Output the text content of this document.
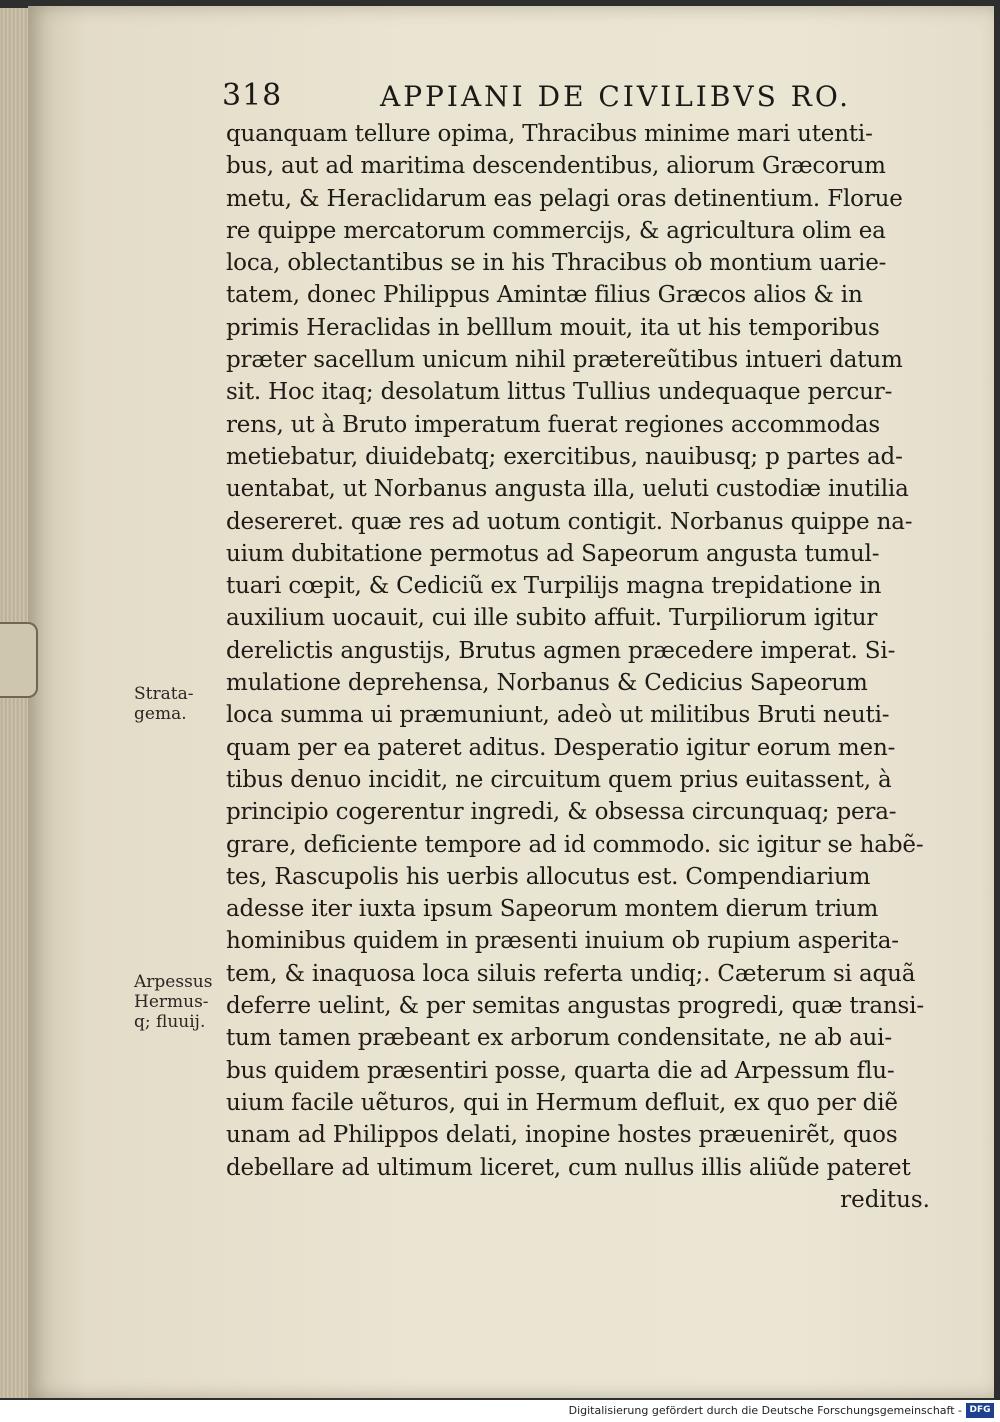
318	APPIANI DE CIVILIBVS RO.
Strata-
gema.
Arpessus
Hermus-
q; fluuij.
quanquam tellure opima, Thracibus minime mari utenti-
bus, aut ad maritima descendentibus, aliorum Græcorum
metu, & Heraclidarum eas pelagi oras detinentium. Florue
re quippe mercatorum commercijs, & agricultura olim ea
loca, oblectantibus se in his Thracibus ob montium uarie-
tatem, donec Philippus Amintæ filius Græcos alios & in
primis Heraclidas in belllum mouit, ita ut his temporibus
præter sacellum unicum nihil prætereũtibus intueri datum
sit. Hoc itaq; desolatum littus Tullius undequaque percur-
rens, ut à Bruto imperatum fuerat regiones accommodas
metiebatur, diuidebatq; exercitibus, nauibusq; p partes ad-
uentabat, ut Norbanus angusta illa, ueluti custodiæ inutilia
desereret. quæ res ad uotum contigit. Norbanus quippe na-
uium dubitatione permotus ad Sapeorum angusta tumul-
tuari cœpit, & Cediciũ ex Turpilijs magna trepidatione in
auxilium uocauit, cui ille subito affuit. Turpiliorum igitur
derelictis angustijs, Brutus agmen præcedere imperat. Si-
mulatione deprehensa, Norbanus & Cedicius Sapeorum
loca summa ui præmuniunt, adeò ut militibus Bruti neuti-
quam per ea pateret aditus. Desperatio igitur eorum men-
tibus denuo incidit, ne circuitum quem prius euitassent, à
principio cogerentur ingredi, & obsessa circunquaq; pera-
grare, deficiente tempore ad id commodo. sic igitur se habẽ-
tes, Rascupolis his uerbis allocutus est. Compendiarium
adesse iter iuxta ipsum Sapeorum montem dierum trium
hominibus quidem in præsenti inuium ob rupium asperita-
tem, & inaquosa loca siluis referta undiq;. Cæterum si aquã
deferre uelint, & per semitas angustas progredi, quæ transi-
tum tamen præbeant ex arborum condensitate, ne ab aui-
bus quidem præsentiri posse, quarta die ad Arpessum flu-
uium facile uẽturos, qui in Hermum defluit, ex quo per diẽ
unam ad Philippos delati, inopine hostes præuenirẽt, quos
debellare ad ultimum liceret, cum nullus illis aliũde pateret
reditus.
Digitalisierung gefördert durch die Deutsche Forschungsgemeinschaft - DFG
